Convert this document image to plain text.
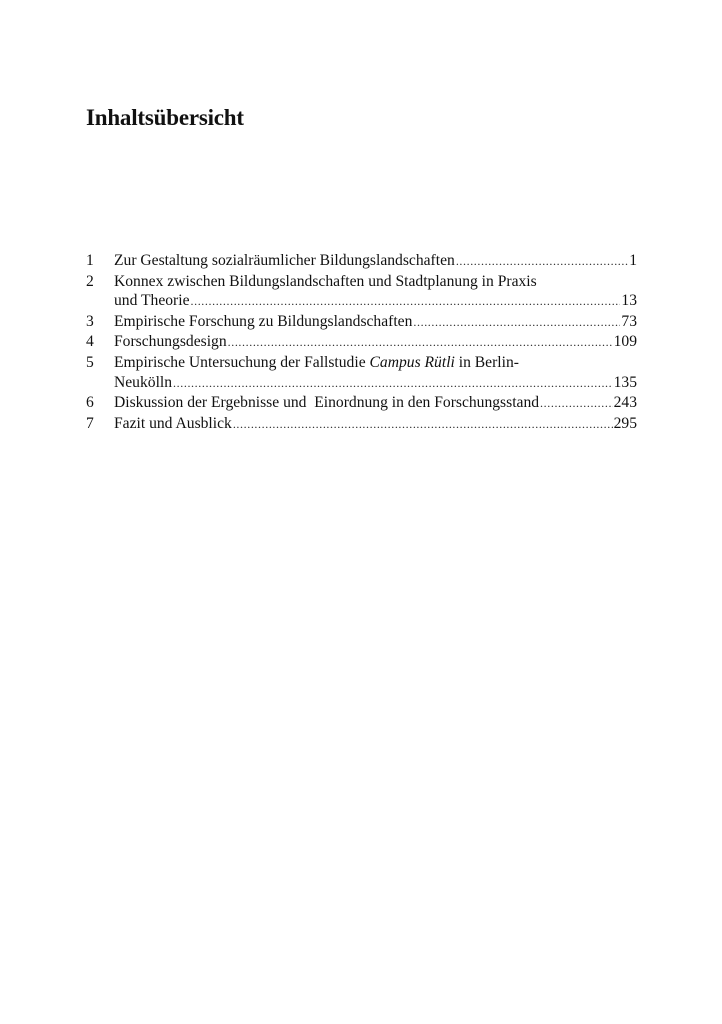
Inhaltsübersicht
1 Zur Gestaltung sozialräumlicher Bildungslandschaften .....	1
2 Konnex zwischen Bildungslandschaften und Stadtplanung in Praxis
und Theorie .....	13
3 Empirische Forschung zu Bildungslandschaften .....	73
4 Forschungsdesign .....	109
5 Empirische Untersuchung der Fallstudie Campus Rütli in Berlin-
Neukölln .....	135
6 Diskussion der Ergebnisse und  Einordnung in den Forschungsstand .....	243
7 Fazit und Ausblick .....	295
